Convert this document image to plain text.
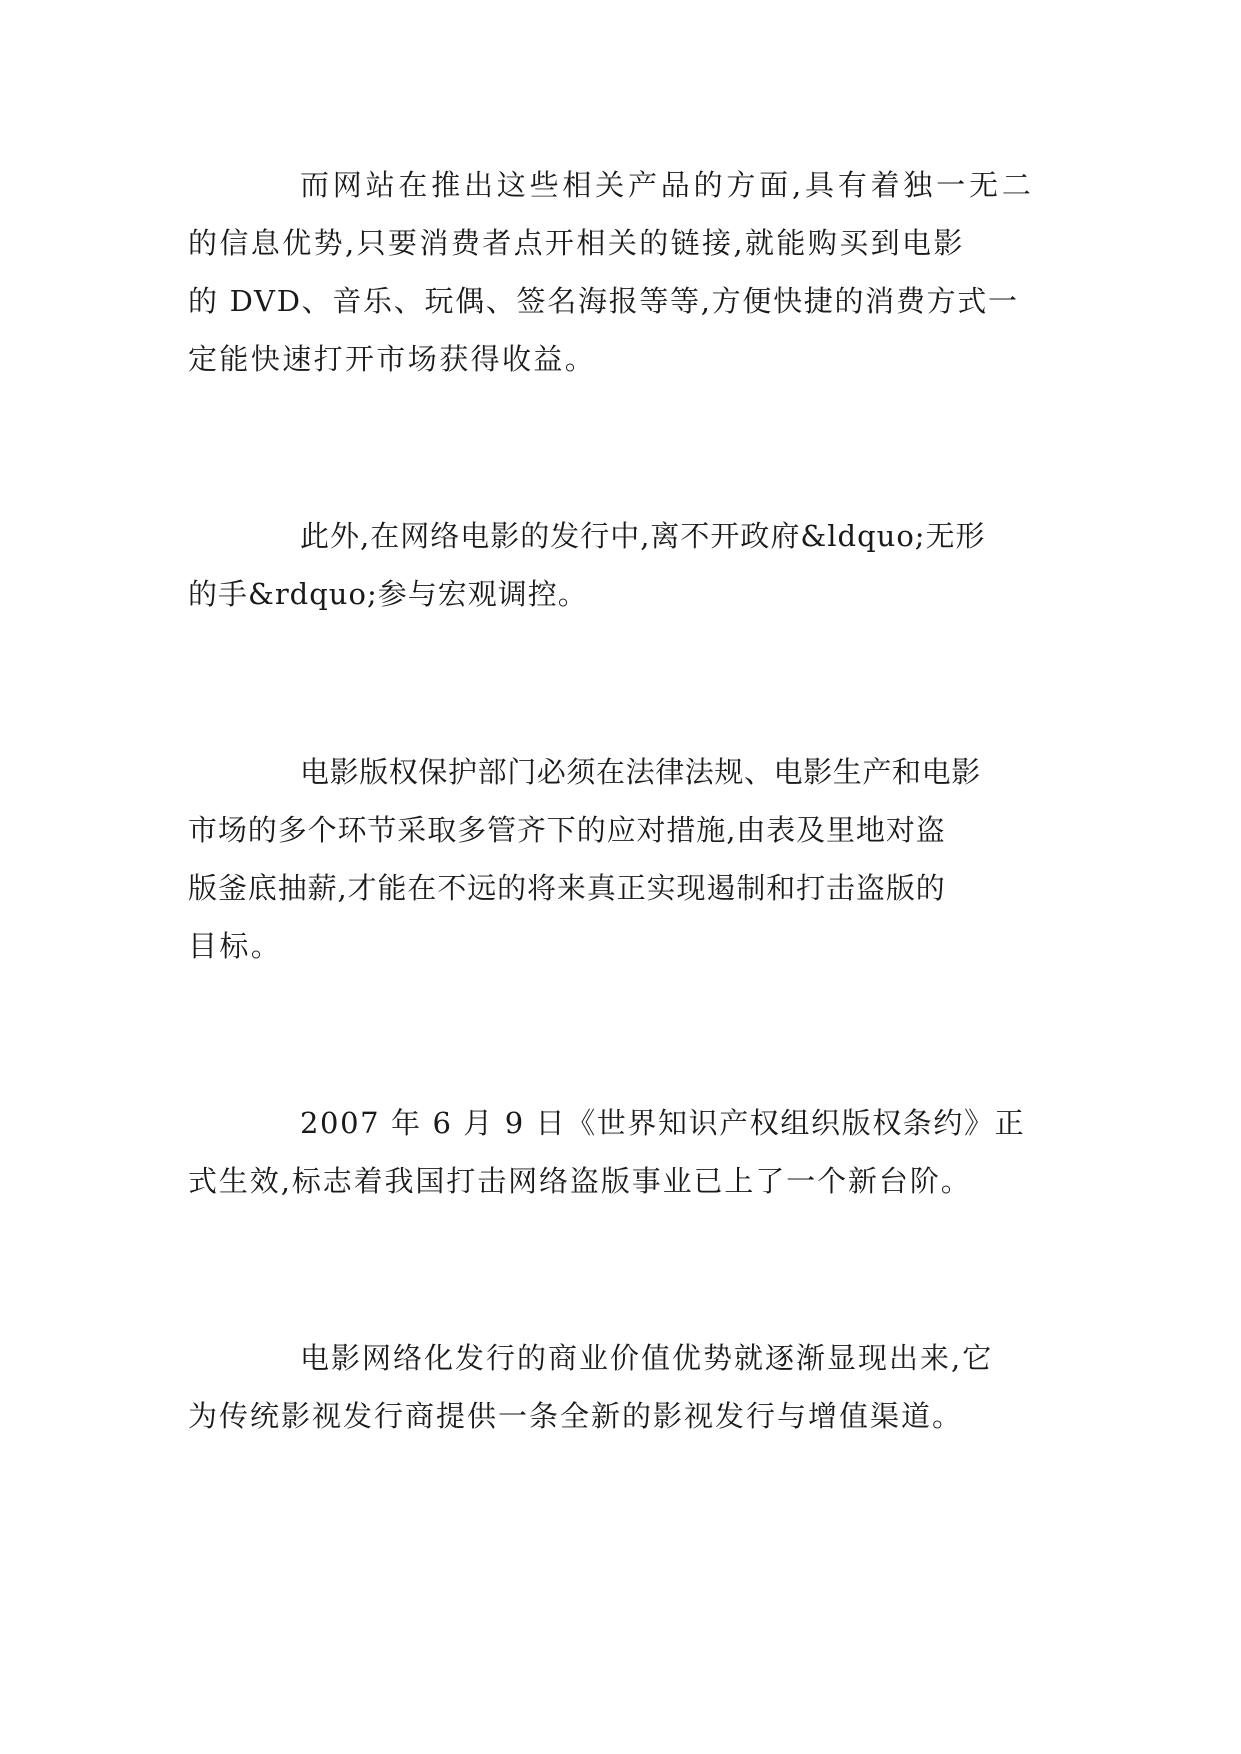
而网站在推出这些相关产品的方面,具有着独一无二

的信息优势,只要消费者点开相关的链接,就能购买到电影

的 DVD、音乐、玩偶、签名海报等等,方便快捷的消费方式一

定能快速打开市场获得收益。

此外,在网络电影的发行中,离不开政府&ldquo;无形

的手&rdquo;参与宏观调控。

电影版权保护部门必须在法律法规、电影生产和电影

市场的多个环节采取多管齐下的应对措施,由表及里地对盗

版釜底抽薪,才能在不远的将来真正实现遏制和打击盗版的

目标。

2007 年 6 月 9 日《世界知识产权组织版权条约》正

式生效,标志着我国打击网络盗版事业已上了一个新台阶。

电影网络化发行的商业价值优势就逐渐显现出来,它

为传统影视发行商提供一条全新的影视发行与增值渠道。
